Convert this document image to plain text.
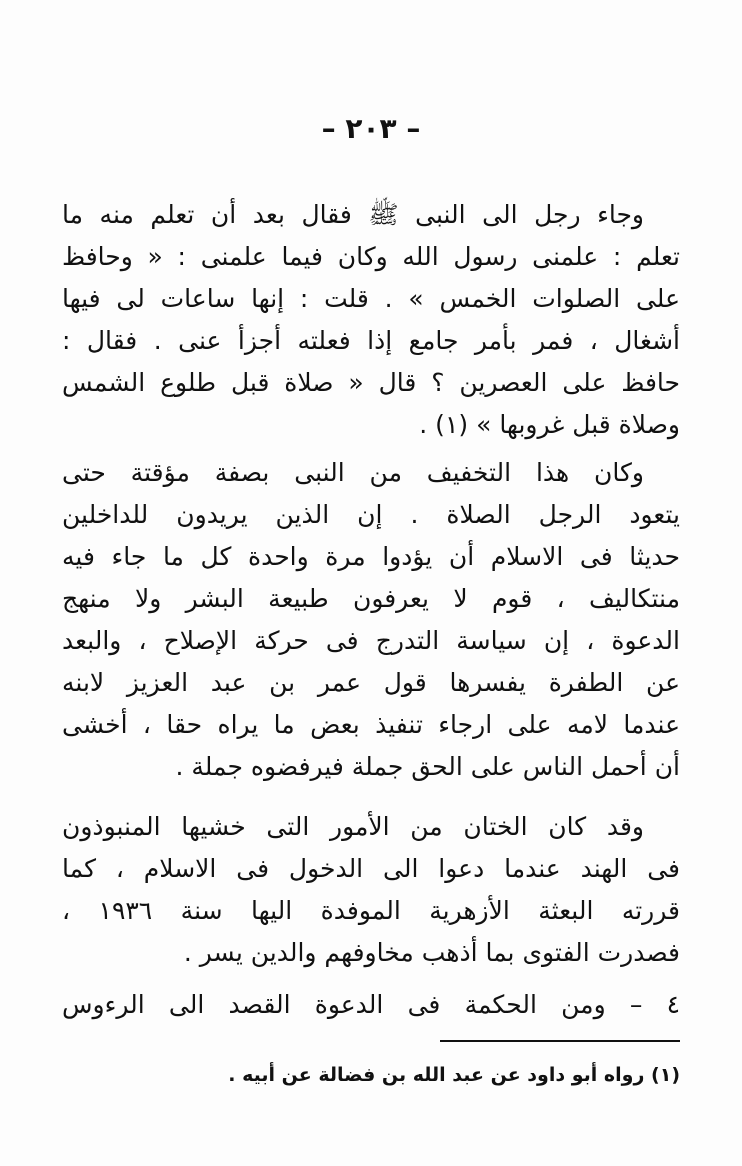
– ٢٠٣ –
وجاء رجل الى النبى ﷺ فقال بعد أن تعلم منه ما
تعلم : علمنى رسول الله وكان فيما علمنى : « وحافظ
على الصلوات الخمس » . قلت : إنها ساعات لى فيها
أشغال ، فمر بأمر جامع إذا فعلته أجزأ عنى . فقال :
حافظ على العصرين ؟ قال « صلاة قبل طلوع الشمس
وصلاة قبل غروبها » (١) .
وكان هذا التخفيف من النبى بصفة مؤقتة حتى
يتعود الرجل الصلاة . إن الذين يريدون للداخلين
حديثا فى الاسلام أن يؤدوا مرة واحدة كل ما جاء فيه
منتكاليف ، قوم لا يعرفون طبيعة البشر ولا منهج
الدعوة ، إن سياسة التدرج فى حركة الإصلاح ، والبعد
عن الطفرة يفسرها قول عمر بن عبد العزيز لابنه
عندما لامه على ارجاء تنفيذ بعض ما يراه حقا ، أخشى
أن أحمل الناس على الحق جملة فيرفضوه جملة .
وقد كان الختان من الأمور التى خشيها المنبوذون
فى الهند عندما دعوا الى الدخول فى الاسلام ، كما
قررته البعثة الأزهرية الموفدة اليها سنة ١٩٣٦ ،
فصدرت الفتوى بما أذهب مخاوفهم والدين يسر .
٤ – ومن الحكمة فى الدعوة القصد الى الرءوس
(١) رواه أبو داود عن عبد الله بن فضالة عن أبيه .
